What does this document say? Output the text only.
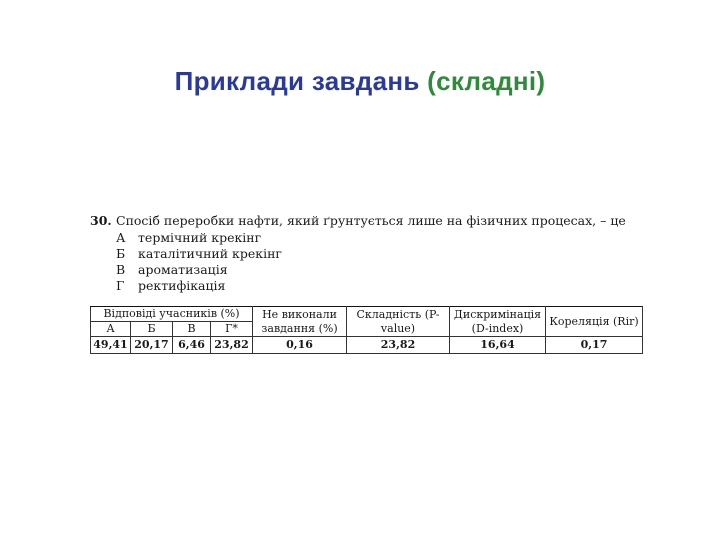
Приклади завдань (складні)
30. Спосіб переробки нафти, який ґрунтується лише на фізичних процесах, – це
А	термічний крекінг
Б	каталітичний крекінг
В	ароматизація
Г	ректифікація
Відповіді учасників (%)				Не виконали завдання (%)	Складність (P-value)	Дискримінація (D-index)	Кореляція (Rir)
А	Б	В	Г*				
49,41	20,17	6,46	23,82	0,16	23,82	16,64	0,17
